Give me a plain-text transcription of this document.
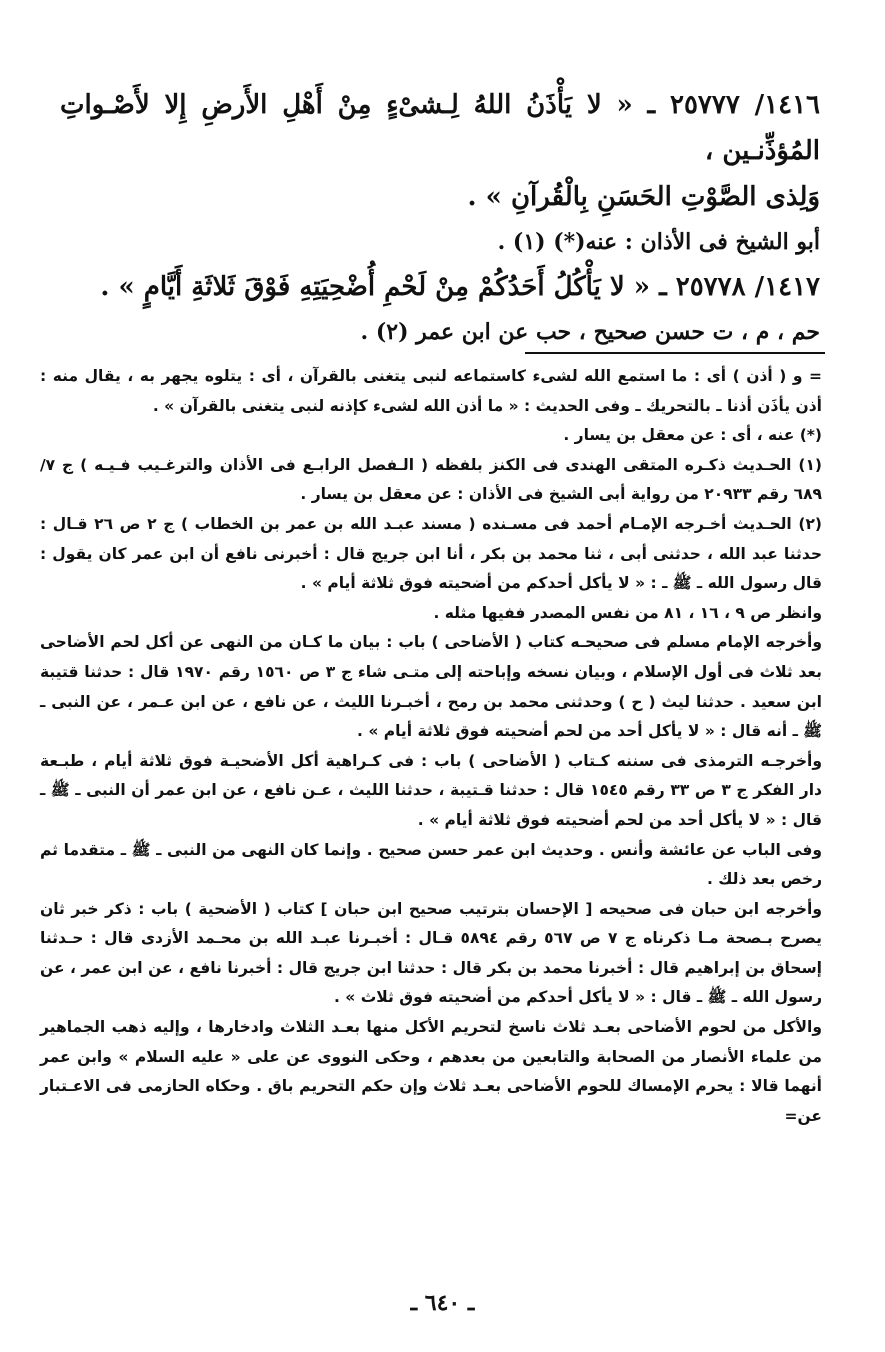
١٤١٦/ ٢٥٧٧٧ ـ « لا يَأْذَنُ اللهُ لِـشىْءٍ مِنْ أَهْلِ الأَرضِ إِلا لأَصْـواتِ المُؤذِّنـين ،

وَلِذى الصَّوْتِ الحَسَنِ بِالْقُرآنِ » .

أبو الشيخ فى الأذان : عنه(*) (١) .

١٤١٧/ ٢٥٧٧٨ ـ « لا يَأْكُلُ أَحَدُكُمْ مِنْ لَحْمِ أُضْحِيَتِهِ فَوْقَ ثَلاثَةِ أَيَّامٍ » .

حم ، م ، ت حسن صحيح ، حب عن ابن عمر (٢) .

= و ( أذن ) أى : ما استمع الله لشىء كاستماعه لنبى يتغنى بالقرآن ، أى : يتلوه يجهر به ، يقال منه : أذن يأذَن أذنا ـ بالتحريك ـ وفى الحديث : « ما أذن الله لشىء كإذنه لنبى يتغنى بالقرآن » .

(*) عنه ، أى : عن معقل بن يسار .

(١) الحـديث ذكـره المتقى الهندى فى الكنز بلفظه ( الـفصل الرابـع فى الأذان والترغـيب فـيـه ) ج ٧/ ٦٨٩ رقم ٢٠٩٣٣ من رواية أبى الشيخ فى الأذان : عن معقل بن يسار .

(٢) الحـديث أخـرجه الإمـام أحمد فى مسـنده ( مسند عبـد الله بن عمر بن الخطاب ) ج ٢ ص ٢٦ قـال : حدثنا عبد الله ، حدثنى أبى ، ثنا محمد بن بكر ، أنا ابن جريج قال : أخبرنى نافع أن ابن عمر كان يقول : قال رسول الله ـ ﷺ ـ : « لا يأكل أحدكم من أضحيته فوق ثلاثة أيام » .

وانظر ص ٩ ، ١٦ ، ٨١ من نفس المصدر ففيها مثله .

وأخرجه الإمام مسلم فى صحيحـه كتاب ( الأضاحى ) باب : بيان ما كـان من النهى عن أكل لحم الأضاحى بعد ثلاث فى أول الإسلام ، وبيان نسخه وإباحته إلى متـى شاء ج ٣ ص ١٥٦٠ رقم ١٩٧٠ قال : حدثنا قتيبة ابن سعيد . حدثنا ليث ( ح ) وحدثنى محمد بن رمح ، أخبـرنا الليث ، عن نافع ، عن ابن عـمر ، عن النبى ـ ﷺ ـ أنه قال : « لا يأكل أحد من لحم أضحيته فوق ثلاثة أيام » .

وأخرجـه الترمذى فى سننه كـتاب ( الأضاحى ) باب : فى كـراهية أكل الأضحيـة فوق ثلاثة أيام ، طبـعة دار الفكر ج ٣ ص ٣٣ رقم ١٥٤٥ قال : حدثنا قـتيبة ، حدثنا الليث ، عـن نافع ، عن ابن عمر أن النبى ـ ﷺ ـ قال : « لا يأكل أحد من لحم أضحيته فوق ثلاثة أيام » .

وفى الباب عن عائشة وأنس . وحديث ابن عمر حسن صحيح . وإنما كان النهى من النبى ـ ﷺ ـ متقدما ثم رخص بعد ذلك .

وأخرجه ابن حبان فى صحيحه [ الإحسان بترتيب صحيح ابن حبان ] كتاب ( الأضحية ) باب : ذكر خبر ثان يصرح بـصحة مـا ذكرناه ج ٧ ص ٥٦٧ رقم ٥٨٩٤ قـال : أخبـرنا عبـد الله بن محـمد الأزدى قال : حـدثنا إسحاق بن إبراهيم قال : أخبرنا محمد بن بكر قال : حدثنا ابن جريج قال : أخبرنا نافع ، عن ابن عمر ، عن رسول الله ـ ﷺ ـ قال : « لا يأكل أحدكم من أضحيته فوق ثلاث » .

والأكل من لحوم الأضاحى بعـد ثلاث ناسخ لتحريم الأكل منها بعـد الثلاث وادخارها ، وإليه ذهب الجماهير من علماء الأنصار من الصحابة والتابعين من بعدهم ، وحكى النووى عن على « عليه السلام » وابن عمر أنهما قالا : يحرم الإمساك للحوم الأضاحى بعـد ثلاث وإن حكم التحريم باق . وحكاه الحازمى فى الاعـتبار عن=

ـ ٦٤٠ ـ
